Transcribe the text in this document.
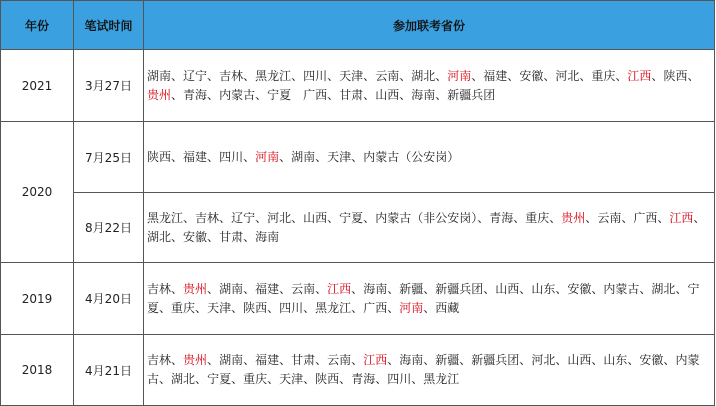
年份	笔试时间	参加联考省份
2021	3月27日	湖南、辽宁、吉林、黑龙江、四川、天津、云南、湖北、河南、福建、安徽、河北、重庆、江西、陕西、贵州、青海、内蒙古、宁夏　 广西、甘肃、山西、海南、新疆兵团
2020	7月25日	陕西、福建、四川、河南、湖南、天津、内蒙古（公安岗）
	8月22日	黑龙江、吉林、辽宁、河北、山西、宁夏、内蒙古（非公安岗）、青海、重庆、贵州、云南、广西、江西、湖北、安徽、甘肃、海南
2019	4月20日	吉林、贵州、湖南、福建、云南、江西、海南、新疆、新疆兵团、山西、山东、安徽、内蒙古、湖北、宁夏、重庆、天津、陕西、四川、黑龙江、广西、河南、西藏
2018	4月21日	吉林、贵州、湖南、福建、甘肃、云南、江西、海南、新疆、新疆兵团、河北、山西、山东、安徽、内蒙古、湖北、宁夏、重庆、天津、陕西、青海、四川、黑龙江
